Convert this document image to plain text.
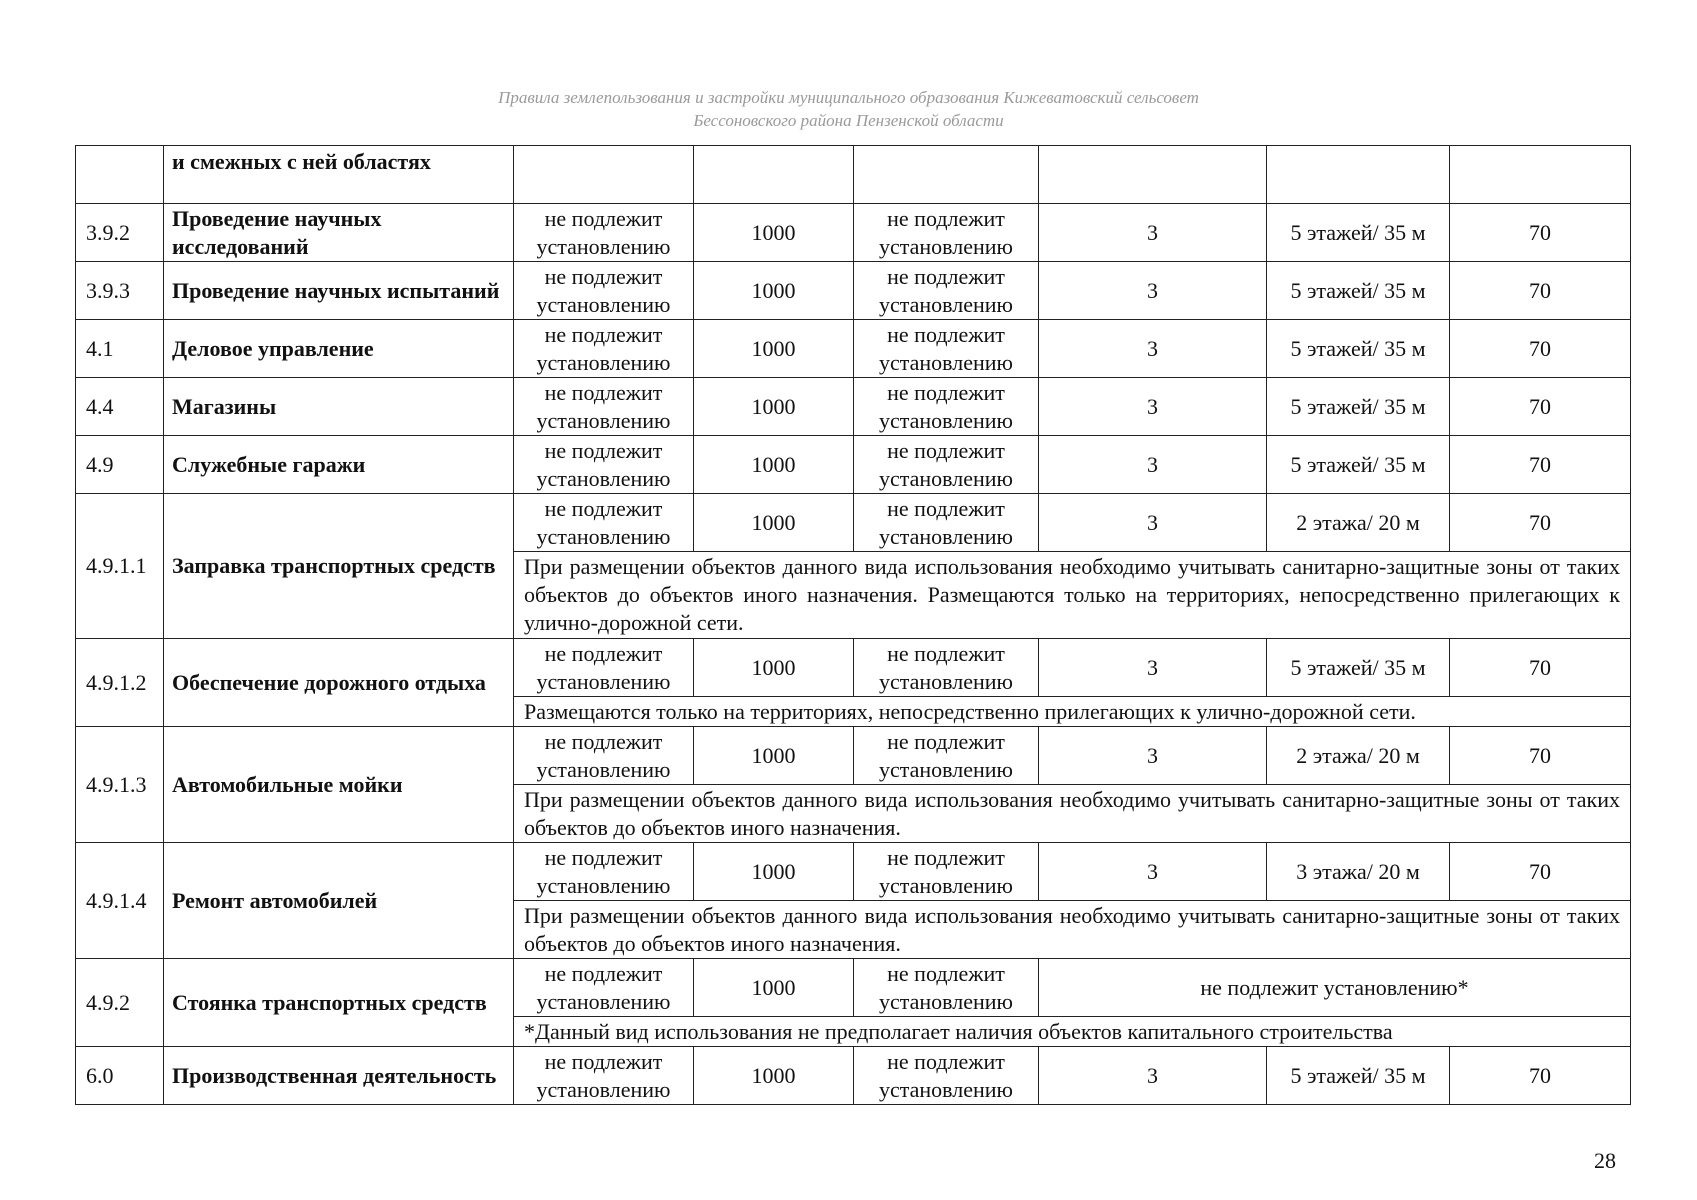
Правила землепользования и застройки муниципального образования Кижеватовский сельсовет
Бессоновского района Пензенской области
	и смежных с ней областях						
3.9.2	Проведение научных исследований	не подлежит установлению	1000	не подлежит установлению	3	5 этажей/ 35 м	70
3.9.3	Проведение научных испытаний	не подлежит установлению	1000	не подлежит установлению	3	5 этажей/ 35 м	70
4.1	Деловое управление	не подлежит установлению	1000	не подлежит установлению	3	5 этажей/ 35 м	70
4.4	Магазины	не подлежит установлению	1000	не подлежит установлению	3	5 этажей/ 35 м	70
4.9	Служебные гаражи	не подлежит установлению	1000	не подлежит установлению	3	5 этажей/ 35 м	70
4.9.1.1	Заправка транспортных средств	не подлежит установлению	1000	не подлежит установлению	3	2 этажа/ 20 м	70
		При размещении объектов данного вида использования необходимо учитывать санитарно-защитные зоны от таких объектов до объектов иного назначения. Размещаются только на территориях, непосредственно прилегающих к улично-дорожной сети.					
4.9.1.2	Обеспечение дорожного отдыха	не подлежит установлению	1000	не подлежит установлению	3	5 этажей/ 35 м	70
		Размещаются только на территориях, непосредственно прилегающих к улично-дорожной сети.					
4.9.1.3	Автомобильные мойки	не подлежит установлению	1000	не подлежит установлению	3	2 этажа/ 20 м	70
		При размещении объектов данного вида использования необходимо учитывать санитарно-защитные зоны от таких объектов до объектов иного назначения.					
4.9.1.4	Ремонт автомобилей	не подлежит установлению	1000	не подлежит установлению	3	3 этажа/ 20 м	70
		При размещении объектов данного вида использования необходимо учитывать санитарно-защитные зоны от таких объектов до объектов иного назначения.					
4.9.2	Стоянка транспортных средств	не подлежит установлению	1000	не подлежит установлению	не подлежит установлению*		
		*Данный вид использования не предполагает наличия объектов капитального строительства					
6.0	Производственная деятельность	не подлежит установлению	1000	не подлежит установлению	3	5 этажей/ 35 м	70
28
